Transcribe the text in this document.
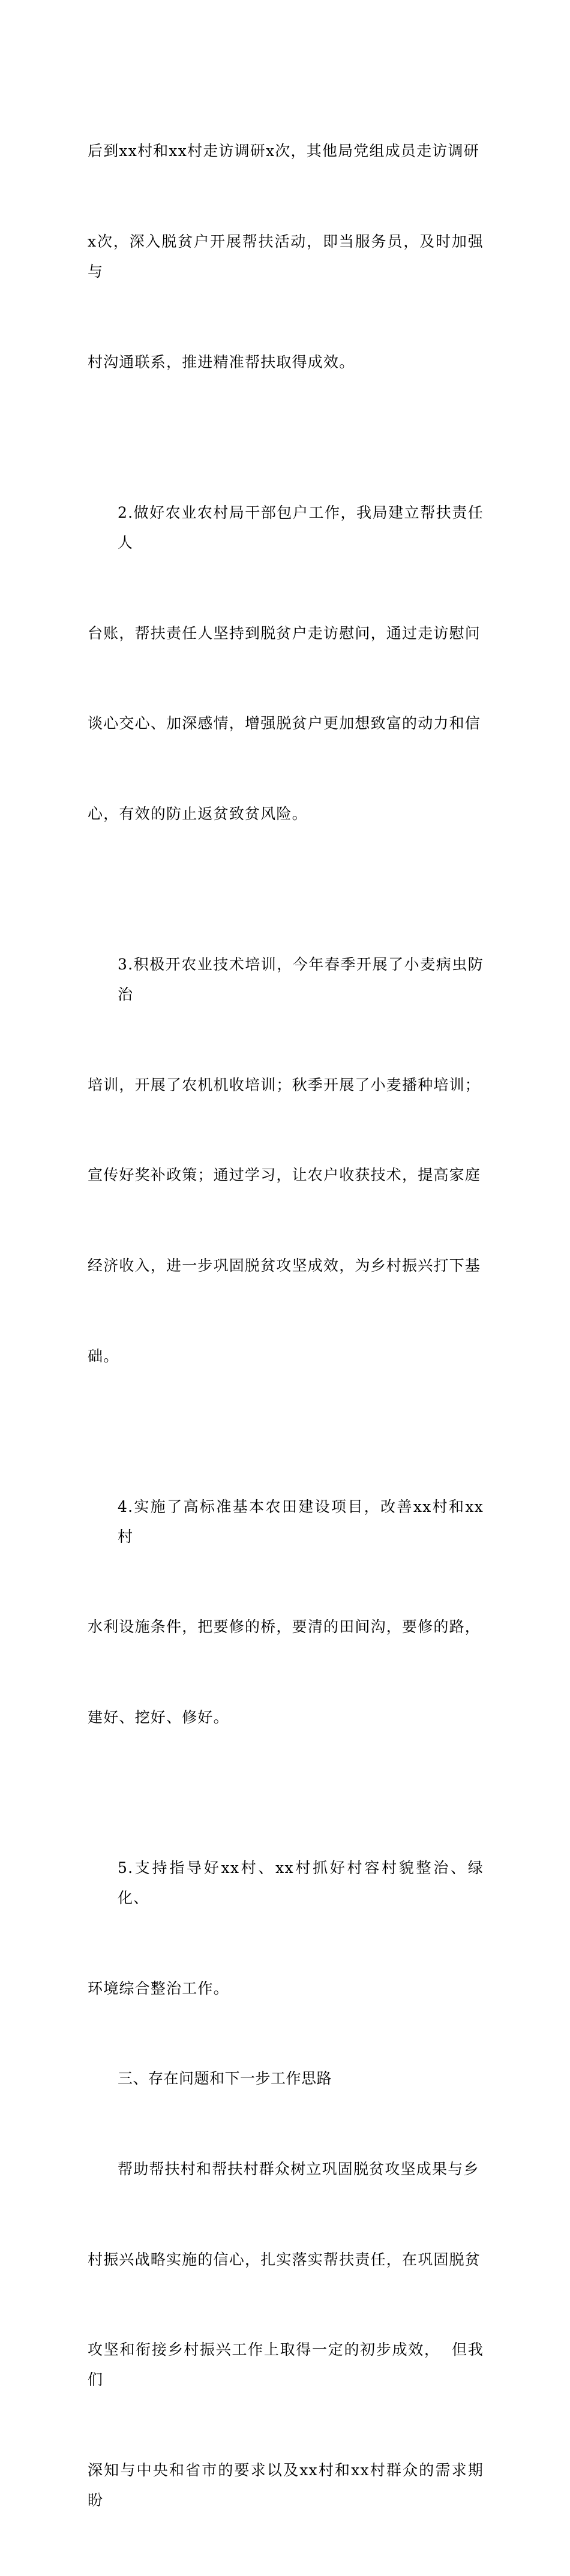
后到xx村和xx村走访调研x次，其他局党组成员走访调研

x次，深入脱贫户开展帮扶活动，即当服务员，及时加强与

村沟通联系，推进精准帮扶取得成效。

2.做好农业农村局干部包户工作，我局建立帮扶责任人

台账，帮扶责任人坚持到脱贫户走访慰问，通过走访慰问

谈心交心、加深感情，增强脱贫户更加想致富的动力和信

心，有效的防止返贫致贫风险。

3.积极开农业技术培训，今年春季开展了小麦病虫防治

培训，开展了农机机收培训；秋季开展了小麦播种培训；

宣传好奖补政策；通过学习，让农户收获技术，提高家庭

经济收入，进一步巩固脱贫攻坚成效，为乡村振兴打下基

础。

4.实施了高标准基本农田建设项目，改善xx村和xx村

水利设施条件，把要修的桥，要清的田间沟，要修的路，

建好、挖好、修好。

5.支持指导好xx村、xx村抓好村容村貌整治、绿化、

环境综合整治工作。

三、存在问题和下一步工作思路

帮助帮扶村和帮扶村群众树立巩固脱贫攻坚成果与乡

村振兴战略实施的信心，扎实落实帮扶责任，在巩固脱贫

攻坚和衔接乡村振兴工作上取得一定的初步成效，  但我们

深知与中央和省市的要求以及xx村和xx村群众的需求期盼
